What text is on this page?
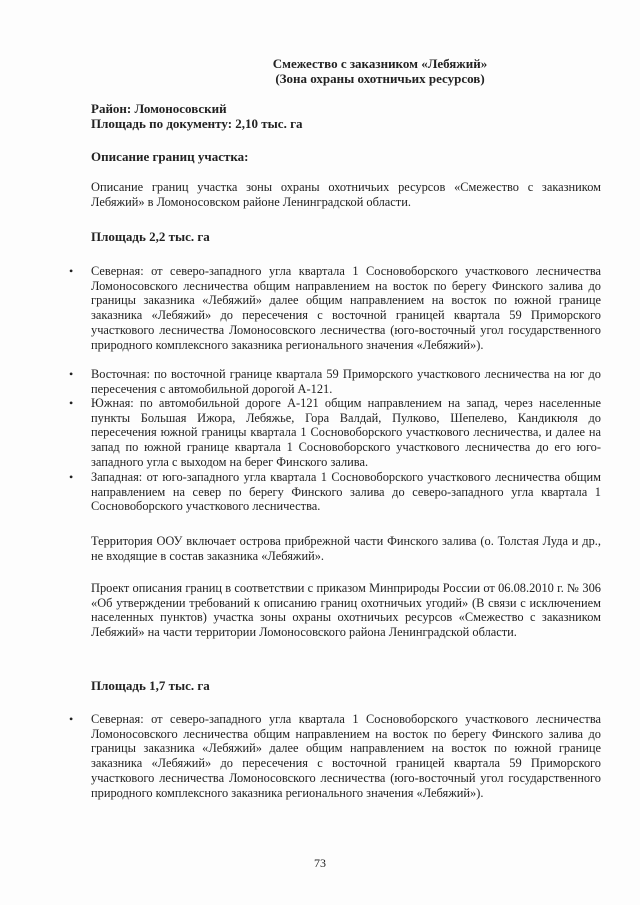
Смежество с заказником «Лебяжий»
(Зона охраны охотничьих ресурсов)
Район: Ломоносовский
Площадь по документу: 2,10 тыс. га
Описание границ участка:
Описание границ участка зоны охраны охотничьих ресурсов «Смежество с заказником Лебяжий» в Ломоносовском районе Ленинградской области.
Площадь 2,2 тыс. га
• Северная: от северо-западного угла квартала 1 Сосновоборского участкового лесничества Ломоносовского лесничества общим направлением на восток по берегу Финского залива до границы заказника «Лебяжий» далее общим направлением на восток по южной границе заказника «Лебяжий» до пересечения с восточной границей квартала 59 Приморского участкового лесничества Ломоносовского лесничества (юго-восточный угол государственного природного комплексного заказника регионального значения «Лебяжий»).
• Восточная: по восточной границе квартала 59 Приморского участкового лесничества на юг до пересечения с автомобильной дорогой А-121.
• Южная: по автомобильной дороге А-121 общим направлением на запад, через населенные пункты Большая Ижора, Лебяжье, Гора Валдай, Пулково, Шепелево, Кандикюля до пересечения южной границы квартала 1 Сосновоборского участкового лесничества, и далее на запад по южной границе квартала 1 Сосновоборского участкового лесничества до его юго-западного угла с выходом на берег Финского залива.
• Западная: от юго-западного угла квартала 1 Сосновоборского участкового лесничества общим направлением на север по берегу Финского залива до северо-западного угла квартала 1 Сосновоборского участкового лесничества.
Территория ООУ включает острова прибрежной части Финского залива (о. Толстая Луда и др., не входящие в состав заказника «Лебяжий».
Проект описания границ в соответствии с приказом Минприроды России от 06.08.2010 г. № 306 «Об утверждении требований к описанию границ охотничьих угодий» (В связи с исключением населенных пунктов) участка зоны охраны охотничьих ресурсов «Смежество с заказником Лебяжий» на части территории Ломоносовского района Ленинградской области.
Площадь 1,7 тыс. га
• Северная: от северо-западного угла квартала 1 Сосновоборского участкового лесничества Ломоносовского лесничества общим направлением на восток по берегу Финского залива до границы заказника «Лебяжий» далее общим направлением на восток по южной границе заказника «Лебяжий» до пересечения с восточной границей квартала 59 Приморского участкового лесничества Ломоносовского лесничества (юго-восточный угол государственного природного комплексного заказника регионального значения «Лебяжий»).
73
